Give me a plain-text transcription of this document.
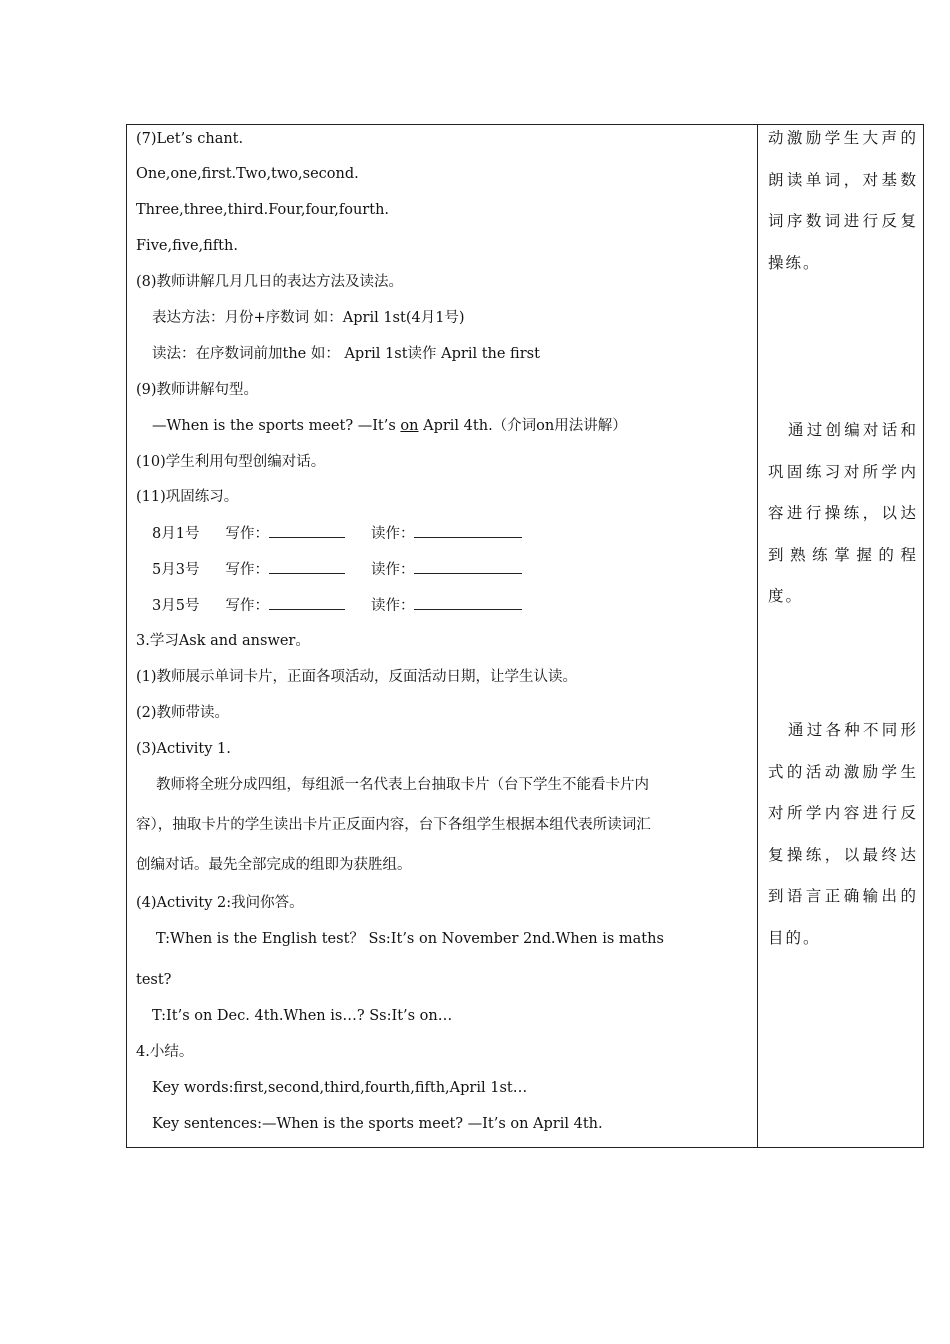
(7)Let’s chant.
One,one,first.Two,two,second.
Three,three,third.Four,four,fourth.
Five,five,fifth.
(8)教师讲解几月几日的表达方法及读法。
表达方法：月份+序数词 如：April 1st(4月1号)
读法：在序数词前加the 如： April 1st读作 April the first
(9)教师讲解句型。
—When is the sports meet? —It’s on April 4th.（介词on用法讲解）
(10)学生利用句型创编对话。
(11)巩固练习。
8月1号 写作：	读作：
5月3号 写作：	读作：
3月5号 写作：	读作：
3.学习Ask and answer。
(1)教师展示单词卡片，正面各项活动，反面活动日期，让学生认读。
(2)教师带读。
(3)Activity 1.
教师将全班分成四组，每组派一名代表上台抽取卡片（台下学生不能看卡片内
容），抽取卡片的学生读出卡片正反面内容，台下各组学生根据本组代表所读词汇
创编对话。最先全部完成的组即为获胜组。
(4)Activity 2:我问你答。
T:When is the English test？ Ss:It’s on November 2nd.When is maths
test?
T:It’s on Dec. 4th.When is…? Ss:It’s on…
4.小结。
Key words:first,second,third,fourth,fifth,April 1st…
Key sentences:—When is the sports meet? —It’s on April 4th.
动激励学生大声的朗读单词，对基数词序数词进行反复操练。
通过创编对话和巩固练习对所学内容进行操练，以达到熟练掌握的程度。
通过各种不同形式的活动激励学生对所学内容进行反复操练，以最终达到语言正确输出的目的。
